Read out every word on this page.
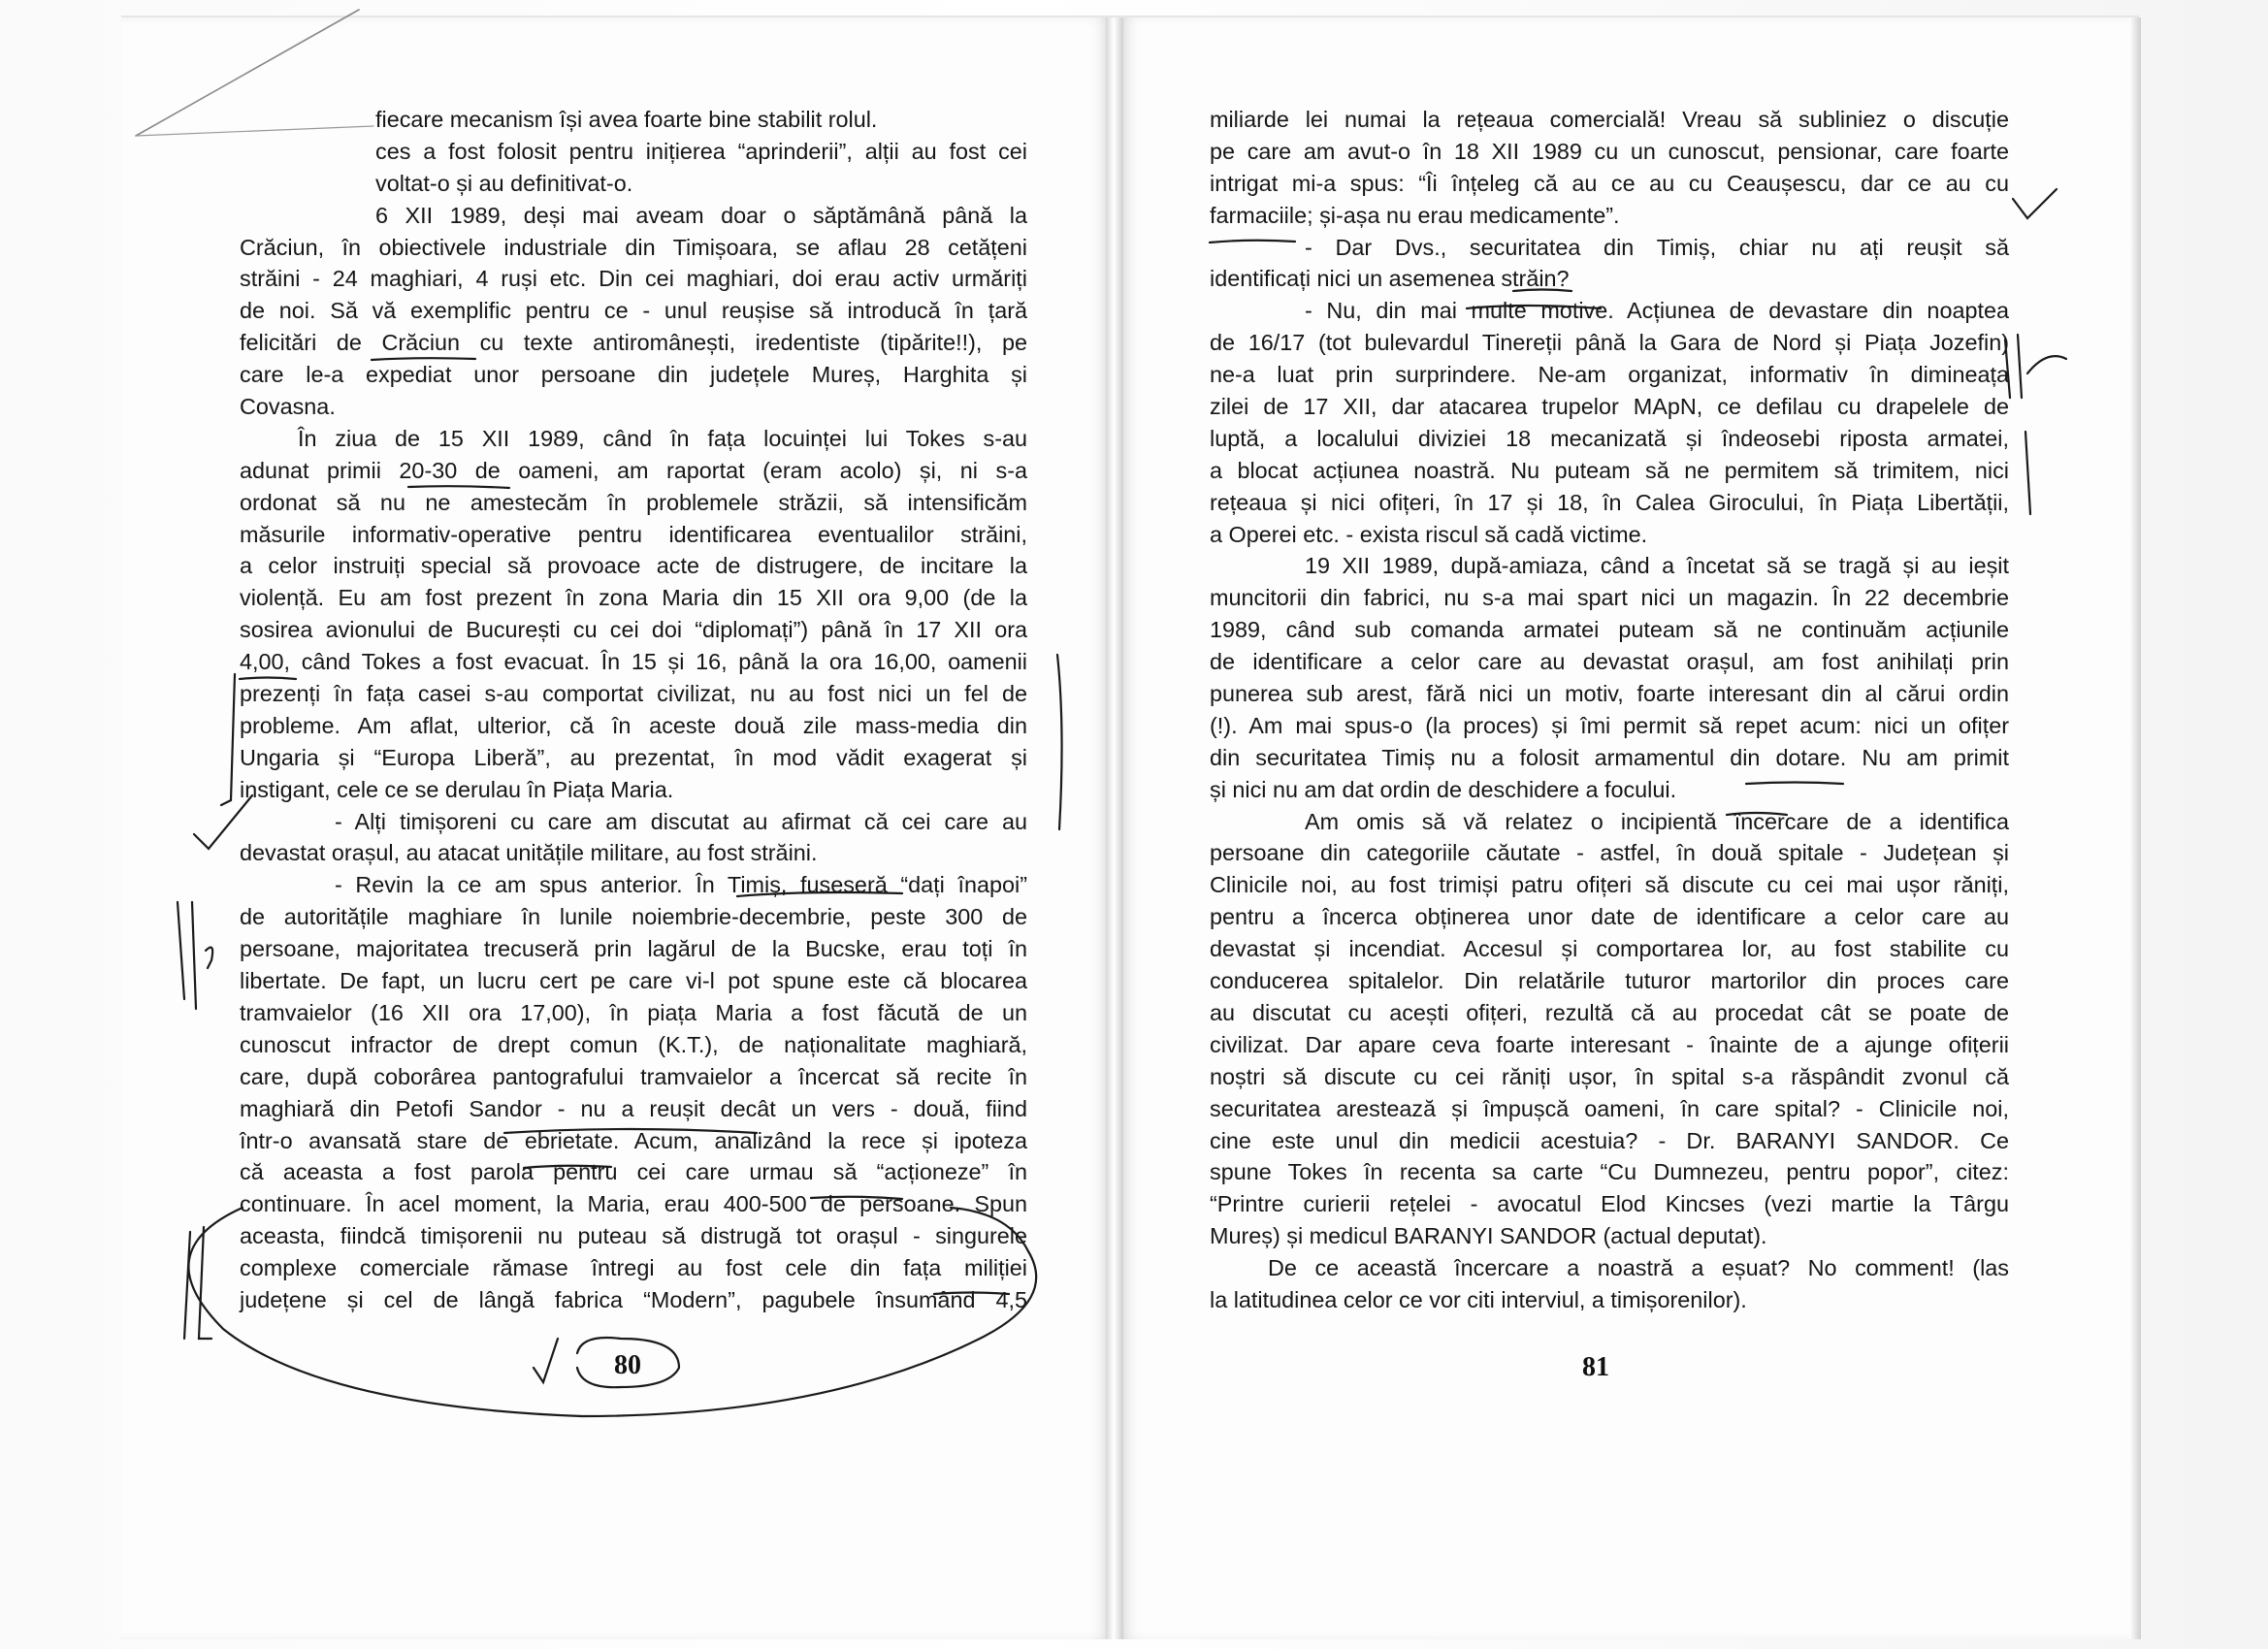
fiecare mecanism își avea foarte bine stabilit rolul.
ces a fost folosit pentru inițierea “aprinderii”, alții au fost cei
voltat-o și au definitivat-o.
6 XII 1989, deși mai aveam doar o săptămână până la
Crăciun, în obiectivele industriale din Timișoara, se aflau 28 cetățeni
străini - 24 maghiari, 4 ruși etc. Din cei maghiari, doi erau activ urmăriți
de noi. Să vă exemplific pentru ce - unul reușise să introducă în țară
felicitări de Crăciun cu texte antiromânești, iredentiste (tipărite!!), pe
care le-a expediat unor persoane din județele Mureș, Harghita și
Covasna.
În ziua de 15 XII 1989, când în fața locuinței lui Tokes s-au
adunat primii 20-30 de oameni, am raportat (eram acolo) și, ni s-a
ordonat să nu ne amestecăm în problemele străzii, să intensificăm
măsurile informativ-operative pentru identificarea eventualilor străini,
a celor instruiți special să provoace acte de distrugere, de incitare la
violență. Eu am fost prezent în zona Maria din 15 XII ora 9,00 (de la
sosirea avionului de București cu cei doi “diplomați”) până în 17 XII ora
4,00, când Tokes a fost evacuat. În 15 și 16, până la ora 16,00, oamenii
prezenți în fața casei s-au comportat civilizat, nu au fost nici un fel de
probleme. Am aflat, ulterior, că în aceste două zile mass-media din
Ungaria și “Europa Liberă”, au prezentat, în mod vădit exagerat și
instigant, cele ce se derulau în Piața Maria.
- Alți timișoreni cu care am discutat au afirmat că cei care au
devastat orașul, au atacat unitățile militare, au fost străini.
- Revin la ce am spus anterior. În Timiș, fuseseră “dați înapoi”
de autoritățile maghiare în lunile noiembrie-decembrie, peste 300 de
persoane, majoritatea trecuseră prin lagărul de la Bucske, erau toți în
libertate. De fapt, un lucru cert pe care vi-l pot spune este că blocarea
tramvaielor (16 XII ora 17,00), în piața Maria a fost făcută de un
cunoscut infractor de drept comun (K.T.), de naționalitate maghiară,
care, după coborârea pantografului tramvaielor a încercat să recite în
maghiară din Petofi Sandor - nu a reușit decât un vers - două, fiind
într-o avansată stare de ebrietate. Acum, analizând la rece și ipoteza
că aceasta a fost parola pentru cei care urmau să “acționeze” în
continuare. În acel moment, la Maria, erau 400-500 de persoane. Spun
aceasta, fiindcă timișorenii nu puteau să distrugă tot orașul - singurele
complexe comerciale rămase întregi au fost cele din fața miliției
județene și cel de lângă fabrica “Modern”, pagubele însumând 4,5
miliarde lei numai la rețeaua comercială! Vreau să subliniez o discuție
pe care am avut-o în 18 XII 1989 cu un cunoscut, pensionar, care foarte
intrigat mi-a spus: “Îi înțeleg că au ce au cu Ceaușescu, dar ce au cu
farmaciile; și-așa nu erau medicamente”.
- Dar Dvs., securitatea din Timiș, chiar nu ați reușit să
identificați nici un asemenea străin?
- Nu, din mai multe motive. Acțiunea de devastare din noaptea
de 16/17 (tot bulevardul Tinereții până la Gara de Nord și Piața Jozefin)
ne-a luat prin surprindere. Ne-am organizat, informativ în dimineața
zilei de 17 XII, dar atacarea trupelor MApN, ce defilau cu drapelele de
luptă, a localului diviziei 18 mecanizată și îndeosebi riposta armatei,
a blocat acțiunea noastră. Nu puteam să ne permitem să trimitem, nici
rețeaua și nici ofițeri, în 17 și 18, în Calea Girocului, în Piața Libertății,
a Operei etc. - exista riscul să cadă victime.
19 XII 1989, după-amiaza, când a încetat să se tragă și au ieșit
muncitorii din fabrici, nu s-a mai spart nici un magazin. În 22 decembrie
1989, când sub comanda armatei puteam să ne continuăm acțiunile
de identificare a celor care au devastat orașul, am fost anihilați prin
punerea sub arest, fără nici un motiv, foarte interesant din al cărui ordin
(!). Am mai spus-o (la proces) și îmi permit să repet acum: nici un ofițer
din securitatea Timiș nu a folosit armamentul din dotare. Nu am primit
și nici nu am dat ordin de deschidere a focului.
Am omis să vă relatez o incipientă încercare de a identifica
persoane din categoriile căutate - astfel, în două spitale - Județean și
Clinicile noi, au fost trimiși patru ofițeri să discute cu cei mai ușor răniți,
pentru a încerca obținerea unor date de identificare a celor care au
devastat și incendiat. Accesul și comportarea lor, au fost stabilite cu
conducerea spitalelor. Din relatările tuturor martorilor din proces care
au discutat cu acești ofițeri, rezultă că au procedat cât se poate de
civilizat. Dar apare ceva foarte interesant - înainte de a ajunge ofițerii
noștri să discute cu cei răniți ușor, în spital s-a răspândit zvonul că
securitatea arestează și împușcă oameni, în care spital? - Clinicile noi,
cine este unul din medicii acestuia? - Dr. BARANYI SANDOR. Ce
spune Tokes în recenta sa carte “Cu Dumnezeu, pentru popor”, citez:
“Printre curierii rețelei - avocatul Elod Kincses (vezi martie la Târgu
Mureș) și medicul BARANYI SANDOR (actual deputat).
De ce această încercare a noastră a eșuat? No comment! (las
la latitudinea celor ce vor citi interviul, a timișorenilor).
80	81
